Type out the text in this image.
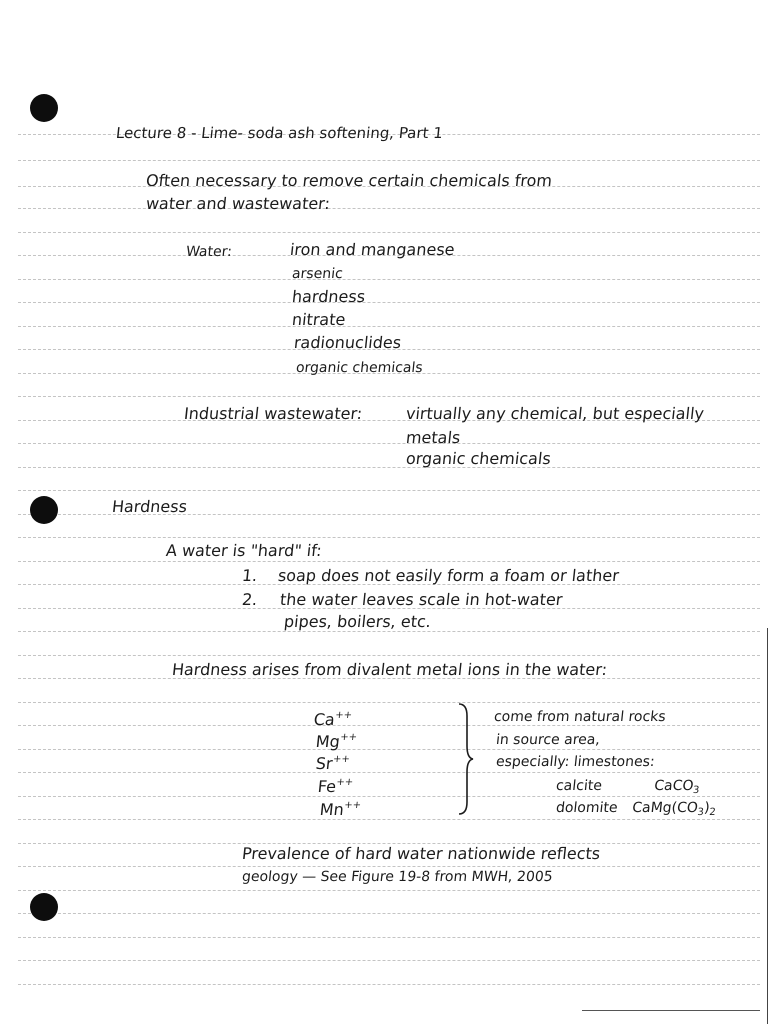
Lecture 8 - Lime- soda ash softening, Part 1
Often necessary to remove certain chemicals from
water and wastewater:
Water:	iron and manganese
arsenic
hardness
nitrate
radionuclides
organic chemicals
Industrial wastewater:	virtually any chemical, but especially
metals
organic chemicals
Hardness
A water is "hard" if:
1. soap does not easily form a foam or lather
2. the water leaves scale in hot-water
pipes, boilers, etc.
Hardness arises from divalent metal ions in the water:
Ca++
Mg++
Sr++
Fe++
Mn++
come from natural rocks
in source area,
especially: limestones:
calcite	CaCO$_3$
dolomite $CaMg(CO_3)_2$
Prevalence of hard water nationwide reflects
geology — See Figure 19-8 from MWH, 2005
